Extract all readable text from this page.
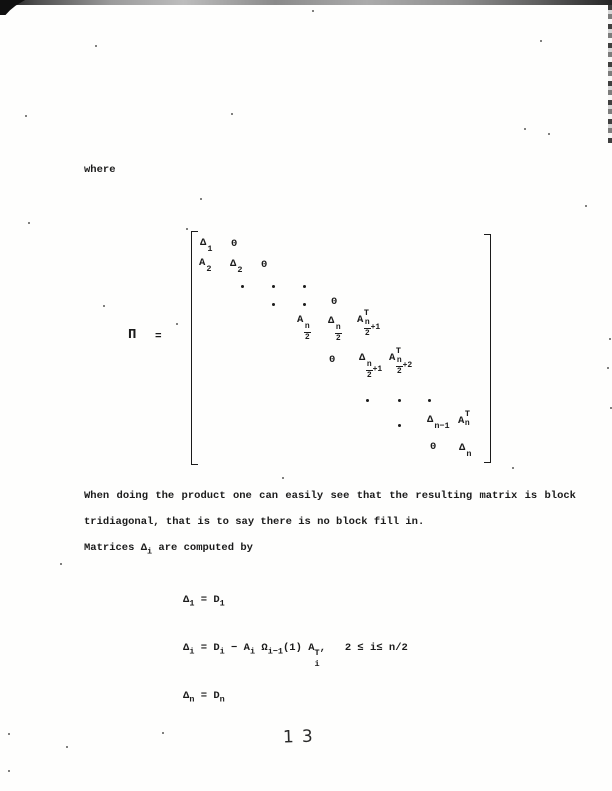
where
Π =
Δ 1 0
A 2 Δ 2 0
0
A
$\frac{n}{2}$
Δ
$\frac{n}{2}$
A
T
$\frac{n}{2} +1$
0 Δ
$\frac{n}{2} +1$
A
T
$\frac{n}{2} +2$
Δ n−1 A
T
n
0 Δ n

When doing the product one can easily see that the resulting matrix is block tridiagonal, that is to say there is no block fill in.

Matrices $\Delta_i$ are computed by
$\Delta_1 = D_1$
$\Delta_i = D_i - A_i$ $\Omega_{i-1}(1)$ A T
i
,   2 ≤ i≤ n/2
$\Delta_n = D_n$
13
